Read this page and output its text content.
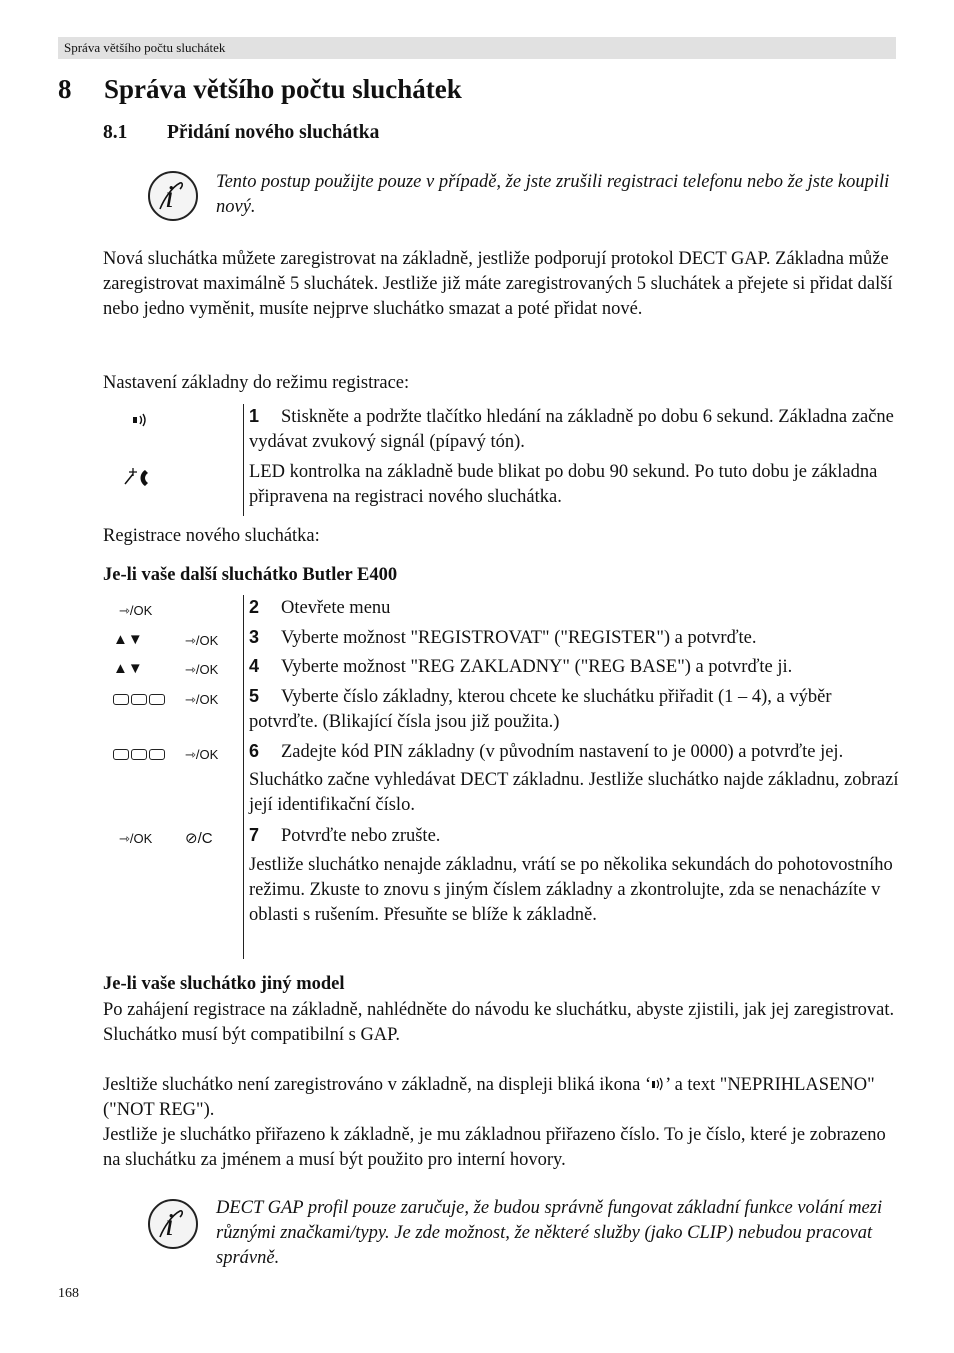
Správa většího počtu sluchátek
8 Správa většího počtu sluchátek
8.1 Přidání nového sluchátka
i Tento postup použijte pouze v případě, že jste zrušili registraci telefonu nebo že jste koupili nový.
Nová sluchátka můžete zaregistrovat na základně, jestliže podporují protokol DECT GAP. Základna může zaregistrovat maximálně 5 sluchátek. Jestliže již máte zaregistrovaných 5 sluchátek a přejete si přidat další nebo jedno vyměnit, musíte nejprve sluchátko smazat a poté přidat nové.
Nastavení základny do režimu registrace:
1 Stiskněte a podržte tlačítko hledání na základně po dobu 6 sekund. Základna začne vydávat zvukový signál (pípavý tón).
LED kontrolka na základně bude blikat po dobu 90 sekund. Po tuto dobu je základna připravena na registraci nového sluchátka.
Registrace nového sluchátka:
Je-li vaše další sluchátko Butler E400
⇾/OK	2 Otevřete menu
▲▼	⇾/OK 3 Vyberte možnost "REGISTROVAT" ("REGISTER") a potvrďte.
▲▼	⇾/OK 4 Vyberte možnost "REG ZAKLADNY" ("REG BASE") a potvrďte ji.
⇾/OK 5 Vyberte číslo základny, kterou chcete ke sluchátku přiřadit (1 – 4), a výběr potvrďte. (Blikající čísla jsou již použita.)
⇾/OK 6 Zadejte kód PIN základny (v původním nastavení to je 0000) a potvrďte jej.
Sluchátko začne vyhledávat DECT základnu. Jestliže sluchátko najde základnu, zobrazí její identifikační číslo.
⇾/OK ⊘/C 7 Potvrďte nebo zrušte.
Jestliže sluchátko nenajde základnu, vrátí se po několika sekundách do pohotovostního režimu. Zkuste to znovu s jiným číslem základny a zkontrolujte, zda se nenacházíte v oblasti s rušením. Přesuňte se blíže k základně.
Je-li vaše sluchátko jiný model
Po zahájení registrace na základně, nahlédněte do návodu ke sluchátku, abyste zjistili, jak jej zaregistrovat. Sluchátko musí být compatibilní s GAP.
Jesltiže sluchátko není zaregistrováno v základně, na displeji bliká ikona ‘ ’ a text "NEPRIHLASENO" ("NOT REG").
Jestliže je sluchátko přiřazeno k základně, je mu základnou přiřazeno číslo. To je číslo, které je zobrazeno na sluchátku za jménem a musí být použito pro interní hovory.
i DECT GAP profil pouze zaručuje, že budou správně fungovat základní funkce volání mezi různými značkami/typy. Je zde možnost, že některé služby (jako CLIP) nebudou pracovat správně.
168
